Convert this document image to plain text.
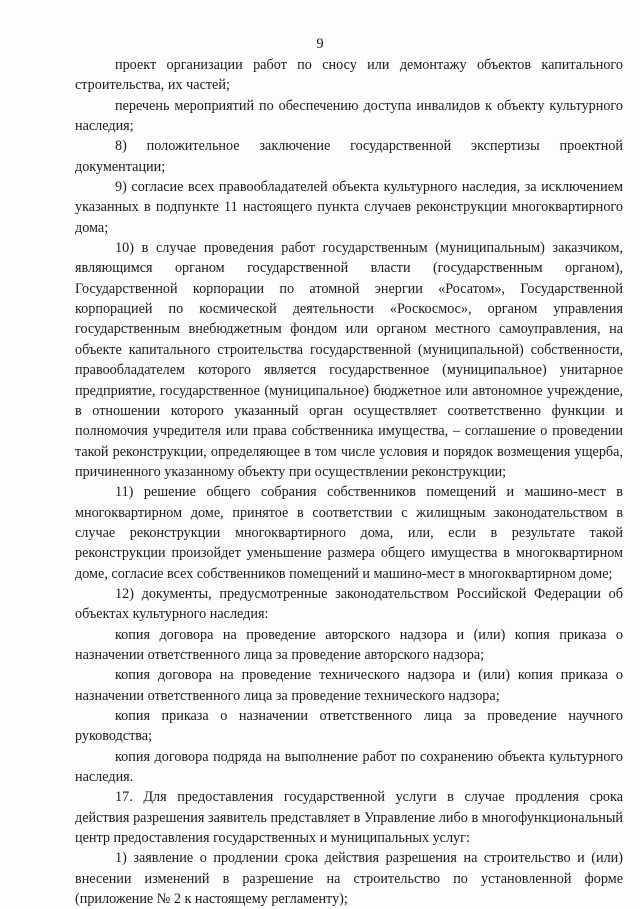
9

проект организации работ по сносу или демонтажу объектов капитального строительства, их частей;

перечень мероприятий по обеспечению доступа инвалидов к объекту культурного наследия;

8) положительное заключение государственной экспертизы проектной документации;

9) согласие всех правообладателей объекта культурного наследия, за исключением указанных в подпункте 11 настоящего пункта случаев реконструкции многоквартирного дома;

10) в случае проведения работ государственным (муниципальным) заказчиком, являющимся органом государственной власти (государственным органом), Государственной корпорации по атомной энергии «Росатом», Государственной корпорацией по космической деятельности «Роскосмос», органом управления государственным внебюджетным фондом или органом местного самоуправления, на объекте капитального строительства государственной (муниципальной) собственности, правообладателем которого является государственное (муниципальное) унитарное предприятие, государственное (муниципальное) бюджетное или автономное учреждение, в отношении которого указанный орган осуществляет соответственно функции и полномочия учредителя или права собственника имущества, – соглашение о проведении такой реконструкции, определяющее в том числе условия и порядок возмещения ущерба, причиненного указанному объекту при осуществлении реконструкции;

11) решение общего собрания собственников помещений и машино-мест в многоквартирном доме, принятое в соответствии с жилищным законодательством в случае реконструкции многоквартирного дома, или, если в результате такой реконструкции произойдет уменьшение размера общего имущества в многоквартирном доме, согласие всех собственников помещений и машино-мест в многоквартирном доме;

12) документы, предусмотренные законодательством Российской Федерации об объектах культурного наследия:

копия договора на проведение авторского надзора и (или) копия приказа о назначении ответственного лица за проведение авторского надзора;

копия договора на проведение технического надзора и (или) копия приказа о назначении ответственного лица за проведение технического надзора;

копия приказа о назначении ответственного лица за проведение научного руководства;

копия договора подряда на выполнение работ по сохранению объекта культурного наследия.

17. Для предоставления государственной услуги в случае продления срока действия разрешения заявитель представляет в Управление либо в многофункциональный центр предоставления государственных и муниципальных услуг:

1) заявление о продлении срока действия разрешения на строительство и (или) внесении изменений в разрешение на строительство по установленной форме (приложение № 2 к настоящему регламенту);
